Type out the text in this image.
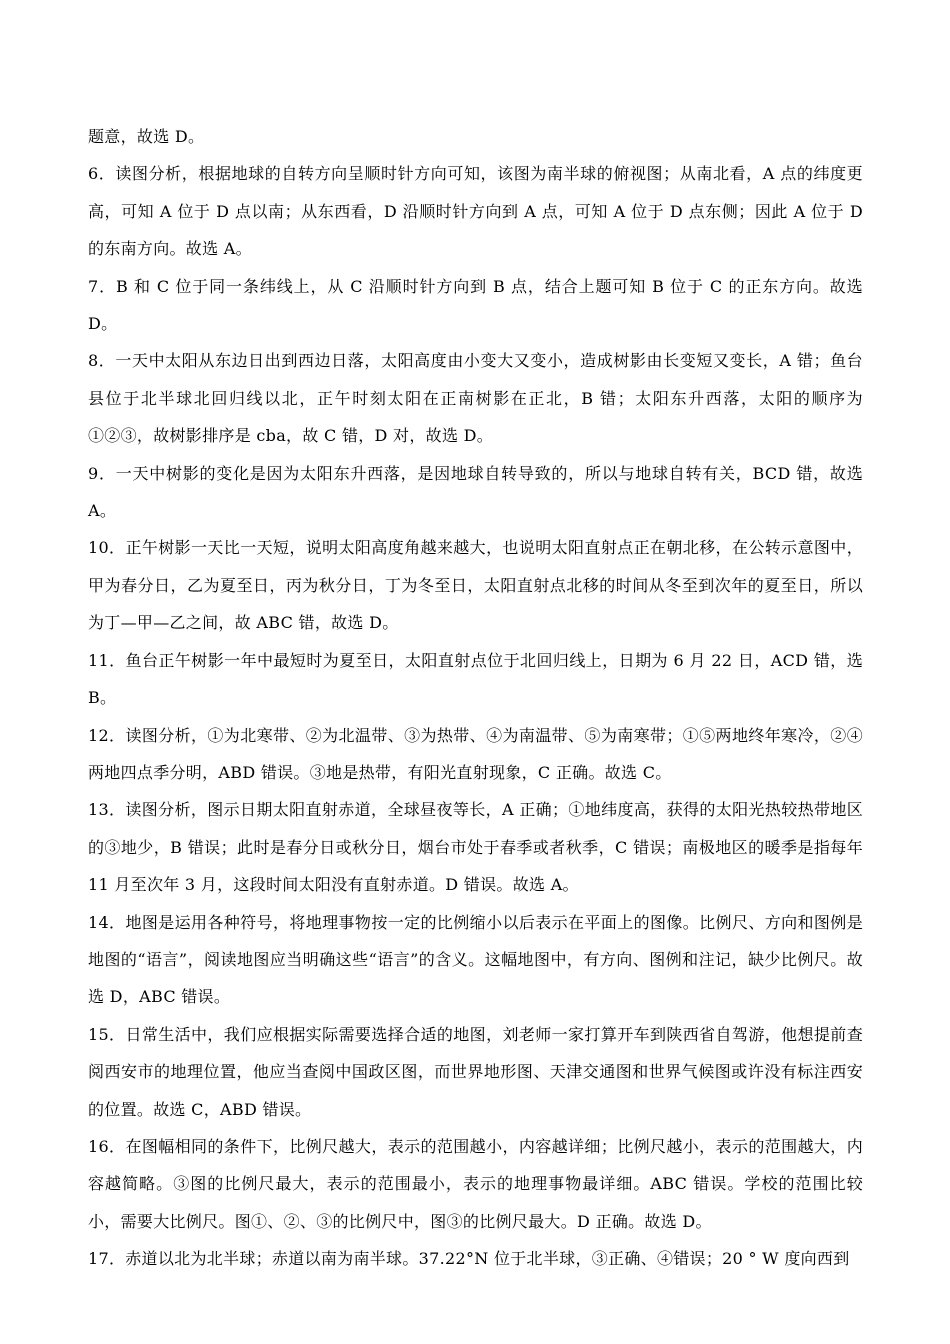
题意，故选 D。

6．读图分析，根据地球的自转方向呈顺时针方向可知，该图为南半球的俯视图；从南北看，A 点的纬度更高，可知 A 位于 D 点以南；从东西看，D 沿顺时针方向到 A 点，可知 A 位于 D 点东侧；因此 A 位于 D 的东南方向。故选 A。

7．B 和 C 位于同一条纬线上，从 C 沿顺时针方向到 B 点，结合上题可知 B 位于 C 的正东方向。故选 D。

8．一天中太阳从东边日出到西边日落，太阳高度由小变大又变小，造成树影由长变短又变长，A 错；鱼台县位于北半球北回归线以北，正午时刻太阳在正南树影在正北，B 错；太阳东升西落，太阳的顺序为①②③，故树影排序是 cba，故 C 错，D 对，故选 D。

9．一天中树影的变化是因为太阳东升西落，是因地球自转导致的，所以与地球自转有关，BCD 错，故选 A。

10．正午树影一天比一天短，说明太阳高度角越来越大，也说明太阳直射点正在朝北移，在公转示意图中，甲为春分日，乙为夏至日，丙为秋分日，丁为冬至日，太阳直射点北移的时间从冬至到次年的夏至日，所以为丁—甲—乙之间，故 ABC 错，故选 D。

11．鱼台正午树影一年中最短时为夏至日，太阳直射点位于北回归线上，日期为 6 月 22 日，ACD 错，选 B。

12．读图分析，①为北寒带、②为北温带、③为热带、④为南温带、⑤为南寒带；①⑤两地终年寒冷，②④两地四点季分明，ABD 错误。③地是热带，有阳光直射现象，C 正确。故选 C。

13．读图分析，图示日期太阳直射赤道，全球昼夜等长，A 正确；①地纬度高，获得的太阳光热较热带地区的③地少，B 错误；此时是春分日或秋分日，烟台市处于春季或者秋季，C 错误；南极地区的暖季是指每年 11 月至次年 3 月，这段时间太阳没有直射赤道。D 错误。故选 A。

14．地图是运用各种符号，将地理事物按一定的比例缩小以后表示在平面上的图像。比例尺、方向和图例是地图的“语言”，阅读地图应当明确这些“语言”的含义。这幅地图中，有方向、图例和注记，缺少比例尺。故选 D，ABC 错误。

15．日常生活中，我们应根据实际需要选择合适的地图，刘老师一家打算开车到陕西省自驾游，他想提前查阅西安市的地理位置，他应当查阅中国政区图，而世界地形图、天津交通图和世界气候图或许没有标注西安的位置。故选 C，ABD 错误。

16．在图幅相同的条件下，比例尺越大，表示的范围越小，内容越详细；比例尺越小，表示的范围越大，内容越简略。③图的比例尺最大，表示的范围最小，表示的地理事物最详细。ABC 错误。学校的范围比较小，需要大比例尺。图①、②、③的比例尺中，图③的比例尺最大。D 正确。故选 D。

17．赤道以北为北半球；赤道以南为南半球。37.22°N 位于北半球，③正确、④错误；20 ° W 度向西到
